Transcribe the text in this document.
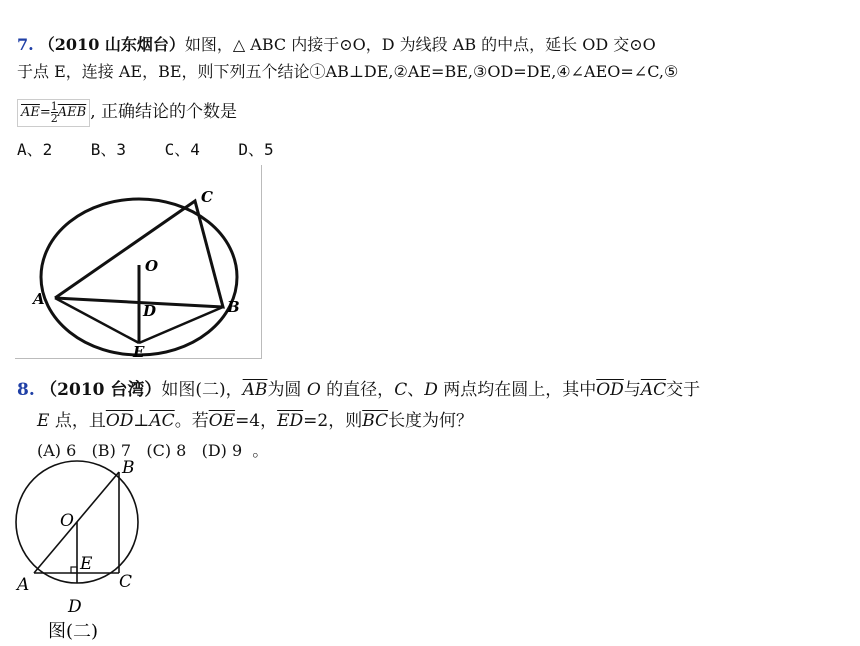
7. （2010 山东烟台）如图，△ ABC 内接于⊙O，D 为线段 AB 的中点，延长 OD 交⊙O
于点 E，连接 AE，BE，则下列五个结论①AB⊥DE,②AE=BE,③OD=DE,④∠AEO=∠C,⑤
$\overline{AE}= \frac{1}{2} \overline{AEB}$ , 正确结论的个数是
A、2    B、3    C、4    D、5
O
D
A	B
C
E
8. （2010 台湾）如图(二)，$\overline{AB}$为圆 O 的直径，C、D 两点均在圆上，其中$\overline{OD}$与$\overline{AC}$交于
E 点，且$\overline{OD}\perp\overline{AC}$。若$\overline{OE}=4$，$\overline{ED}=2$，则$\overline{BC}$长度为何？
(A) 6   (B) 7   (C) 8   (D) 9  。
B
O
E
A	C
D
图(二)
